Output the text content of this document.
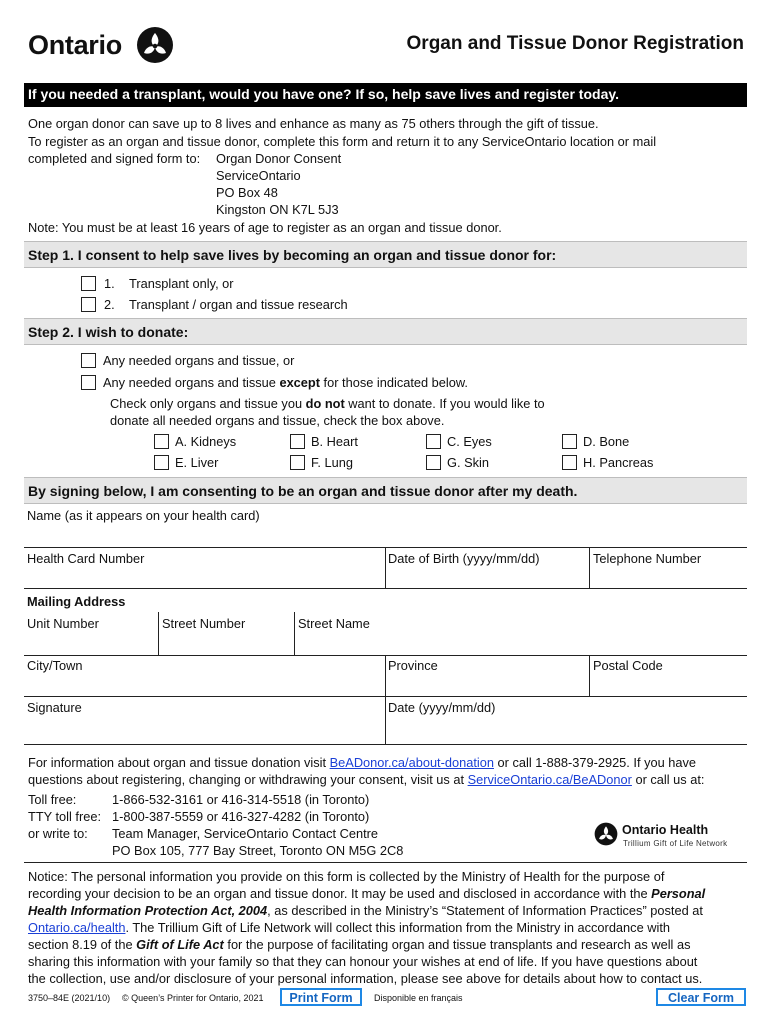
Ontario	Organ and Tissue Donor Registration
If you needed a transplant, would you have one? If so, help save lives and register today.
One organ donor can save up to 8 lives and enhance as many as 75 others through the gift of tissue.
To register as an organ and tissue donor, complete this form and return it to any ServiceOntario location or mail
completed and signed form to: Organ Donor Consent
ServiceOntario
PO Box 48
Kingston ON K7L 5J3
Note: You must be at least 16 years of age to register as an organ and tissue donor.
Step 1. I consent to help save lives by becoming an organ and tissue donor for:
1. Transplant only, or
2. Transplant / organ and tissue research
Step 2. I wish to donate:
Any needed organs and tissue, or
Any needed organs and tissue except for those indicated below.
Check only organs and tissue you do not want to donate. If you would like to
donate all needed organs and tissue, check the box above.
A. Kidneys	B. Heart	C. Eyes	D. Bone
E. Liver	F. Lung	G. Skin	H. Pancreas
By signing below, I am consenting to be an organ and tissue donor after my death.
Name (as it appears on your health card)
Health Card Number	Date of Birth (yyyy/mm/dd)	Telephone Number
Mailing Address
Unit Number	Street Number	Street Name
City/Town	Province	Postal Code
Signature	Date (yyyy/mm/dd)
For information about organ and tissue donation visit BeADonor.ca/about-donation or call 1-888-379-2925. If you have
questions about registering, changing or withdrawing your consent, visit us at ServiceOntario.ca/BeADonor or call us at:
Toll free:	1-866-532-3161 or 416-314-5518 (in Toronto)
TTY toll free: 1-800-387-5559 or 416-327-4282 (in Toronto)
or write to: Team Manager, ServiceOntario Contact Centre
PO Box 105, 777 Bay Street, Toronto ON M5G 2C8
Ontario Health
Trillium Gift of Life Network
Notice: The personal information you provide on this form is collected by the Ministry of Health for the purpose of
recording your decision to be an organ and tissue donor. It may be used and disclosed in accordance with the Personal
Health Information Protection Act, 2004, as described in the Ministry’s “Statement of Information Practices” posted at
Ontario.ca/health. The Trillium Gift of Life Network will collect this information from the Ministry in accordance with
section 8.19 of the Gift of Life Act for the purpose of facilitating organ and tissue transplants and research as well as
sharing this information with your family so that they can honour your wishes at end of life. If you have questions about
the collection, use and/or disclosure of your personal information, please see above for details about how to contact us.
3750–84E (2021/10) © Queen’s Printer for Ontario, 2021	Print Form	Disponible en français	Clear Form
